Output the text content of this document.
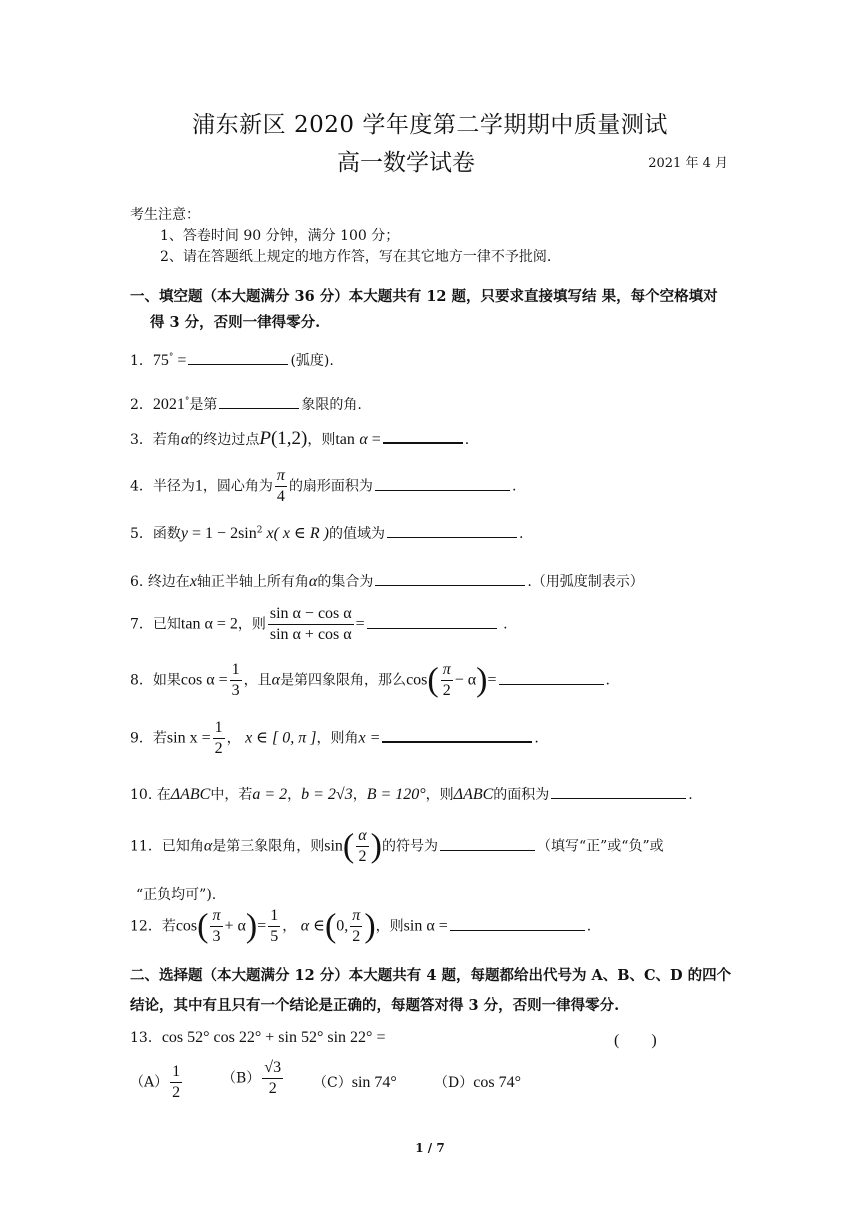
浦东新区 2020 学年度第二学期期中质量测试
高一数学试卷	2021 年 4 月
考生注意：
1、答卷时间 90 分钟，满分 100 分；
2、请在答题纸上规定的地方作答，写在其它地方一律不予批阅.
一、填空题（本大题满分 36 分）本大题共有 12 题，只要求直接填写结 果，每个空格填对
得 3 分，否则一律得零分.
1．75° =	(弧度).
2．2021°是第	象限的角.
3．若角α的终边过点P(1,2)，则tan α =	.
4．半径为1，圆心角为 $\frac{\pi}{4}$ 的扇形面积为	.
5．函数$y = 1 - 2\sin^2$ x( x ∈ R )的值域为	.
6. 终边在x轴正半轴上所有角α的集合为	.（用弧度制表示）
7．已知tan α = 2，则 $\frac{\text{sin α − cos α}}{\text{sin α + cos α}}$ =	.
8．如果$\cos \alpha = \frac{1}{3}$ ，且α是第四象限角，那么$\cos( \frac{\pi}{2} - \alpha)=$	.
9．若$\sin x = \frac{1}{2}$ ， x ∈ [ 0, π ]，则角x =	.
10. 在ΔABC中，若a = 2，b = 2√3，B = 120°，则ΔABC的面积为	.
11．已知角α是第三象限角，则$\sin( \frac{\alpha}{2}$ )的符号为	（填写“正”或“负”或
“正负均可”).
12．若$\cos( \frac{\pi}{3} + \alpha)= \frac{1}{5}$ ， α ∈(0, $\frac{\pi}{2}$ )，则sin α =	.
二、选择题（本大题满分 12 分）本大题共有 4 题，每题都给出代号为 A、B、C、D 的四个
结论，其中有且只有一个结论是正确的，每题答对得 3 分，否则一律得零分.
13．cos 52° cos 22° + sin 52° sin 22° =	(　　)
$(A) \frac{1}{2}$	$(B) \frac{√3}{2} (C)\sin$ 74°	（D）cos 74°
1 / 7
